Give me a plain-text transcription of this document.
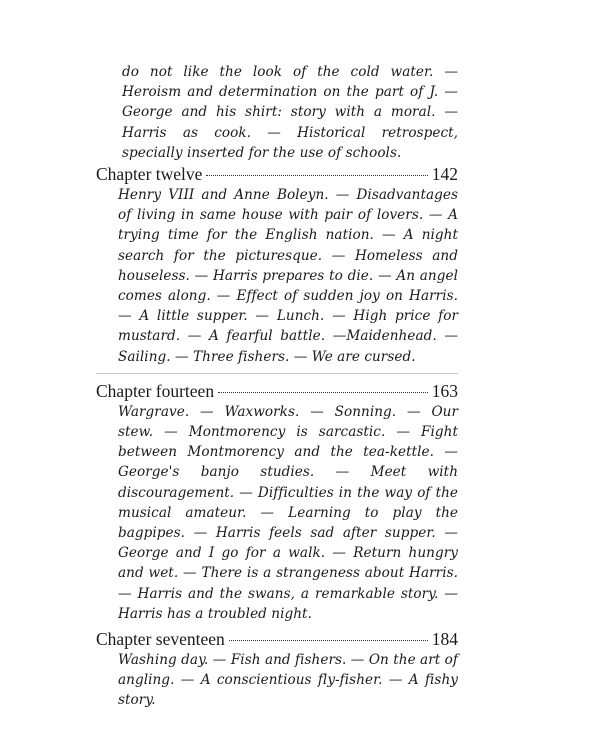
do not like the look of the cold water. — Heroism and determination on the part of J. — George and his shirt: story with a moral. — Harris as cook. — Historical retrospect, specially inserted for the use of schools.

Chapter twelve	142

Henry VIII and Anne Boleyn. — Disadvantages of living in same house with pair of lovers. — A trying time for the English nation. — A night search for the picturesque. — Homeless and houseless. — Harris prepares to die. — An angel comes along. — Effect of sudden joy on Harris. — A little supper. — Lunch. — High price for mustard. — A fearful battle. —Maidenhead. —Sailing. — Three fishers. — We are cursed.

Chapter fourteen	163

Wargrave. — Waxworks. — Sonning. — Our stew. — Montmorency is sarcastic. — Fight between Montmorency and the tea-kettle. — George's banjo studies. — Meet with discouragement. — Difficulties in the way of the musical amateur. — Learning to play the bagpipes. — Harris feels sad after supper. — George and I go for a walk. — Return hungry and wet. — There is a strangeness about Harris. — Harris and the swans, a remarkable story. — Harris has a troubled night.

Chapter seventeen	184

Washing day. — Fish and fishers. — On the art of angling. — A conscientious fly-fisher. — A fishy story.
